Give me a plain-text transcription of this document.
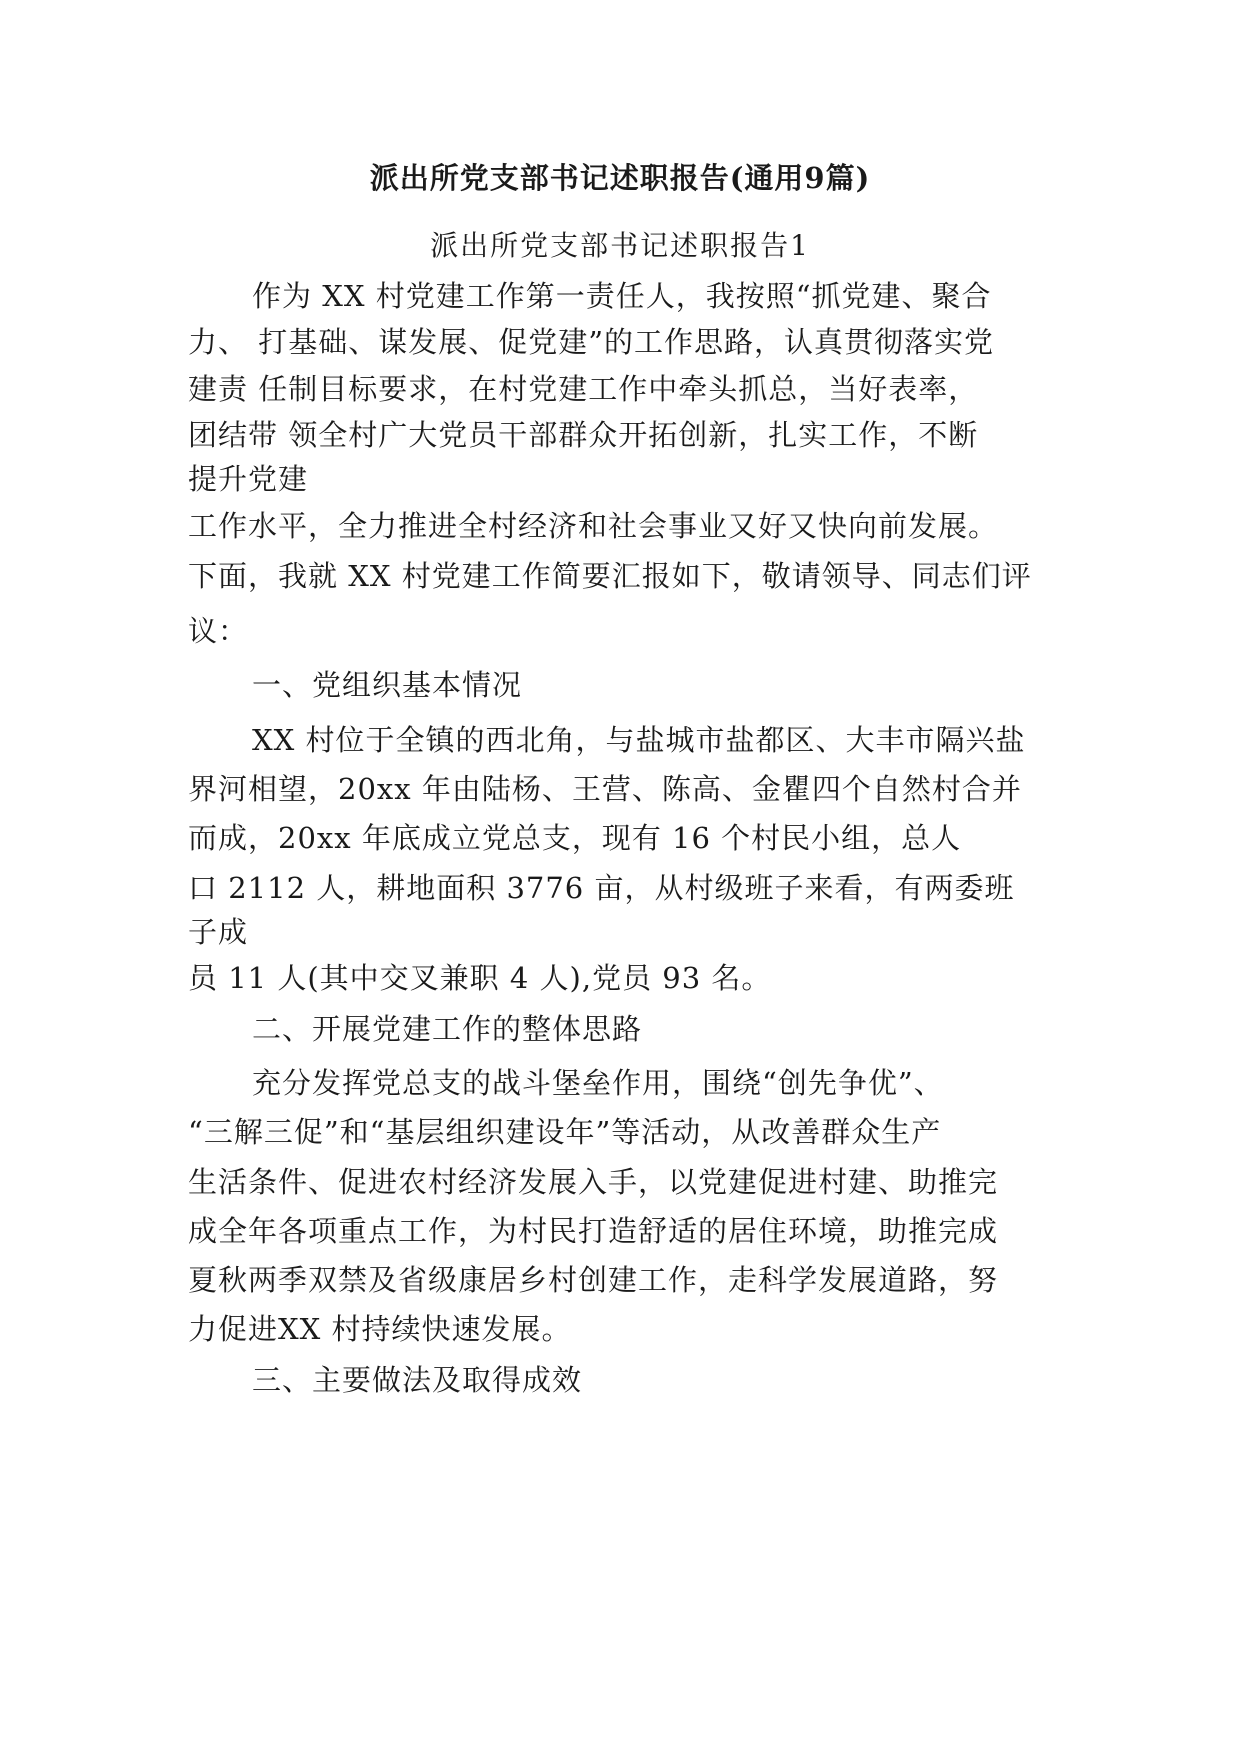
派出所党支部书记述职报告(通用9篇)
派出所党支部书记述职报告1
作为 XX 村党建工作第一责任人，我按照“抓党建、聚合
力、 打基础、谋发展、促党建”的工作思路，认真贯彻落实党
建责 任制目标要求，在村党建工作中牵头抓总，当好表率，
团结带 领全村广大党员干部群众开拓创新，扎实工作，不断
提升党建
工作水平，全力推进全村经济和社会事业又好又快向前发展。
下面，我就 XX 村党建工作简要汇报如下，敬请领导、同志们评
议：
一、党组织基本情况
XX 村位于全镇的西北角，与盐城市盐都区、大丰市隔兴盐
界河相望，20xx 年由陆杨、王营、陈高、金瞿四个自然村合并
而成，20xx 年底成立党总支，现有 16 个村民小组，总人
口 2112 人，耕地面积 3776 亩，从村级班子来看，有两委班
子成
员 11 人(其中交叉兼职 4 人),党员 93 名。
二、开展党建工作的整体思路
充分发挥党总支的战斗堡垒作用，围绕“创先争优”、
“三解三促”和“基层组织建设年”等活动，从改善群众生产
生活条件、促进农村经济发展入手，以党建促进村建、助推完
成全年各项重点工作，为村民打造舒适的居住环境，助推完成
夏秋两季双禁及省级康居乡村创建工作，走科学发展道路，努
力促进XX 村持续快速发展。
三、主要做法及取得成效
